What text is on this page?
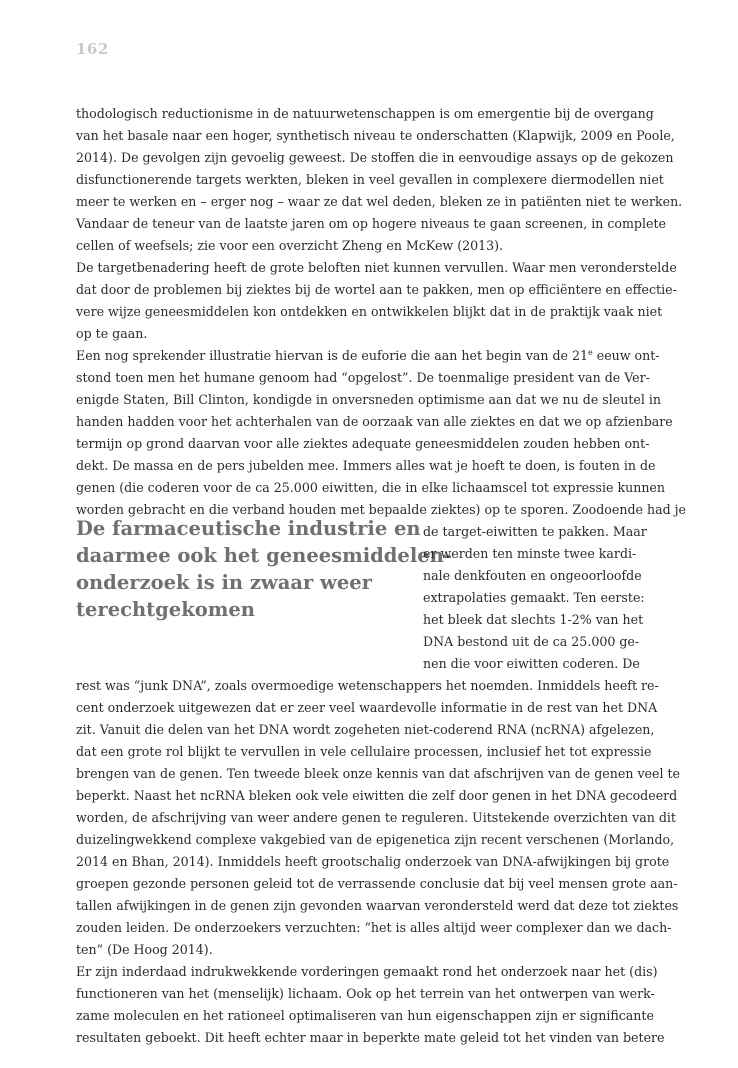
162
thodologisch reductionisme in de natuurwetenschappen is om emergentie bij de overgang
van het basale naar een hoger, synthetisch niveau te onderschatten (Klapwijk, 2009 en Poole,
2014). De gevolgen zijn gevoelig geweest. De stoffen die in eenvoudige assays op de gekozen
disfunctionerende targets werkten, bleken in veel gevallen in complexere diermodellen niet
meer te werken en – erger nog – waar ze dat wel deden, bleken ze in patiënten niet te werken.
Vandaar de teneur van de laatste jaren om op hogere niveaus te gaan screenen, in complete
cellen of weefsels; zie voor een overzicht Zheng en McKew (2013).
De targetbenadering heeft de grote beloften niet kunnen vervullen. Waar men veronderstelde
dat door de problemen bij ziektes bij de wortel aan te pakken, men op efficiëntere en effectie-
vere wijze geneesmiddelen kon ontdekken en ontwikkelen blijkt dat in de praktijk vaak niet
op te gaan.
Een nog sprekender illustratie hiervan is de euforie die aan het begin van de 21e eeuw ont-
stond toen men het humane genoom had “opgelost”. De toenmalige president van de Ver-
enigde Staten, Bill Clinton, kondigde in onversneden optimisme aan dat we nu de sleutel in
handen hadden voor het achterhalen van de oorzaak van alle ziektes en dat we op afzienbare
termijn op grond daarvan voor alle ziektes adequate geneesmiddelen zouden hebben ont-
dekt. De massa en de pers jubelden mee. Immers alles wat je hoeft te doen, is fouten in de
genen (die coderen voor de ca 25.000 eiwitten, die in elke lichaamscel tot expressie kunnen
worden gebracht en die verband houden met bepaalde ziektes) op te sporen. Zoodoende had je
De farmaceutische industrie en
daarmee ook het geneesmiddelen-
onderzoek is in zwaar weer
terechtgekomen
de target-eiwitten te pakken. Maar
er werden ten minste twee kardi-
nale denkfouten en ongeoorloofde
extrapolaties gemaakt. Ten eerste:
het bleek dat slechts 1-2% van het
DNA bestond uit de ca 25.000 ge-
nen die voor eiwitten coderen. De
rest was “junk DNA”, zoals overmoedige wetenschappers het noemden. Inmiddels heeft re-
cent onderzoek uitgewezen dat er zeer veel waardevolle informatie in de rest van het DNA
zit. Vanuit die delen van het DNA wordt zogeheten niet-coderend RNA (ncRNA) afgelezen,
dat een grote rol blijkt te vervullen in vele cellulaire processen, inclusief het tot expressie
brengen van de genen. Ten tweede bleek onze kennis van dat afschrijven van de genen veel te
beperkt. Naast het ncRNA bleken ook vele eiwitten die zelf door genen in het DNA gecodeerd
worden, de afschrijving van weer andere genen te reguleren. Uitstekende overzichten van dit
duizelingwekkend complexe vakgebied van de epigenetica zijn recent verschenen (Morlando,
2014 en Bhan, 2014). Inmiddels heeft grootschalig onderzoek van DNA-afwijkingen bij grote
groepen gezonde personen geleid tot de verrassende conclusie dat bij veel mensen grote aan-
tallen afwijkingen in de genen zijn gevonden waarvan verondersteld werd dat deze tot ziektes
zouden leiden. De onderzoekers verzuchten: “het is alles altijd weer complexer dan we dach-
ten” (De Hoog 2014).
Er zijn inderdaad indrukwekkende vorderingen gemaakt rond het onderzoek naar het (dis)
functioneren van het (menselijk) lichaam. Ook op het terrein van het ontwerpen van werk-
zame moleculen en het rationeel optimaliseren van hun eigenschappen zijn er significante
resultaten geboekt. Dit heeft echter maar in beperkte mate geleid tot het vinden van betere
